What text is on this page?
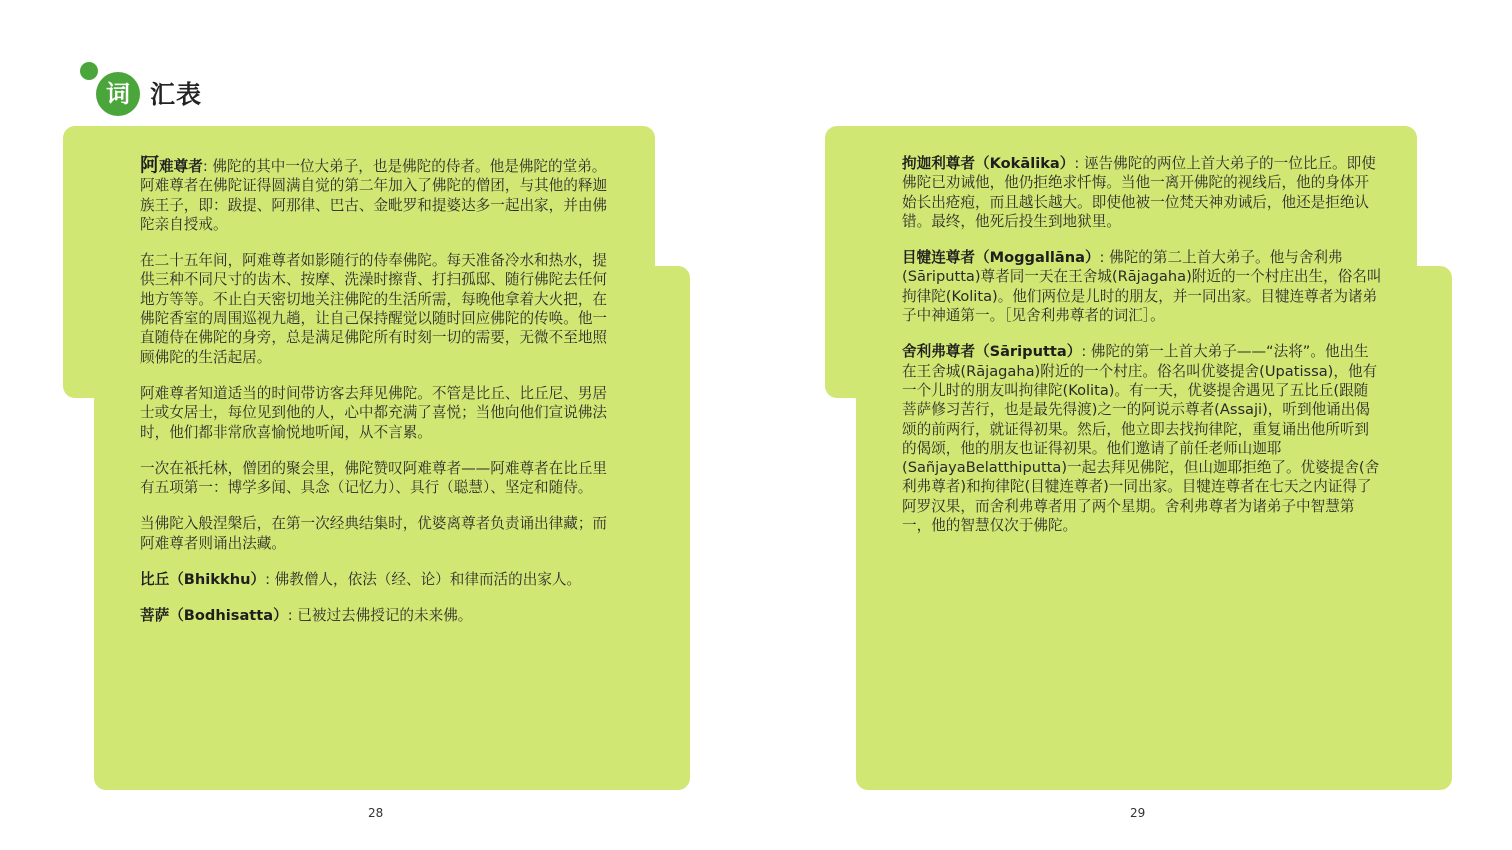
词 汇表

阿难尊者: 佛陀的其中一位大弟子，也是佛陀的侍者。他是佛陀的堂弟。阿难尊者在佛陀证得圆满自觉的第二年加入了佛陀的僧团，与其他的释迦族王子，即：跋提、阿那律、巴古、金毗罗和提婆达多一起出家，并由佛陀亲自授戒。

在二十五年间，阿难尊者如影随行的侍奉佛陀。每天准备冷水和热水，提供三种不同尺寸的齿木、按摩、洗澡时擦背、打扫孤邸、随行佛陀去任何地方等等。不止白天密切地关注佛陀的生活所需，每晚他拿着大火把，在佛陀香室的周围巡视九趟，让自己保持醒觉以随时回应佛陀的传唤。他一直随侍在佛陀的身旁，总是满足佛陀所有时刻一切的需要，无微不至地照顾佛陀的生活起居。

阿难尊者知道适当的时间带访客去拜见佛陀。不管是比丘、比丘尼、男居士或女居士，每位见到他的人，心中都充满了喜悦；当他向他们宣说佛法时，他们都非常欣喜愉悦地听闻，从不言累。

一次在祇托林，僧团的聚会里，佛陀赞叹阿难尊者——阿难尊者在比丘里有五项第一：博学多闻、具念（记忆力）、具行（聪慧）、坚定和随侍。

当佛陀入般涅槃后，在第一次经典结集时，优婆离尊者负责诵出律藏；而阿难尊者则诵出法藏。

比丘（Bhikkhu）: 佛教僧人，依法（经、论）和律而活的出家人。

菩萨（Bodhisatta）: 已被过去佛授记的未来佛。

拘迦利尊者（Kokālika）: 诬告佛陀的两位上首大弟子的一位比丘。即使佛陀已劝诫他，他仍拒绝求忏悔。当他一离开佛陀的视线后，他的身体开始长出疮疱，而且越长越大。即使他被一位梵天神劝诫后，他还是拒绝认错。最终，他死后投生到地狱里。

目犍连尊者（Moggallāna）: 佛陀的第二上首大弟子。他与舍利弗(Sāriputta)尊者同一天在王舍城(Rājagaha)附近的一个村庄出生，俗名叫拘律陀(Kolita)。他们两位是儿时的朋友，并一同出家。目犍连尊者为诸弟子中神通第一。［见舍利弗尊者的词汇］。

舍利弗尊者（Sāriputta）: 佛陀的第一上首大弟子——“法将”。他出生在王舍城(Rājagaha)附近的一个村庄。俗名叫优婆提舍(Upatissa)，他有一个儿时的朋友叫拘律陀(Kolita)。有一天，优婆提舍遇见了五比丘(跟随菩萨修习苦行，也是最先得渡)之一的阿说示尊者(Assaji)，听到他诵出偈颂的前两行，就证得初果。然后，他立即去找拘律陀，重复诵出他所听到的偈颂，他的朋友也证得初果。他们邀请了前任老师山迦耶(SañjayaBelatthiputta)一起去拜见佛陀，但山迦耶拒绝了。优婆提舍(舍利弗尊者)和拘律陀(目犍连尊者)一同出家。目犍连尊者在七天之内证得了阿罗汉果，而舍利弗尊者用了两个星期。舍利弗尊者为诸弟子中智慧第一，他的智慧仅次于佛陀。

28	29
